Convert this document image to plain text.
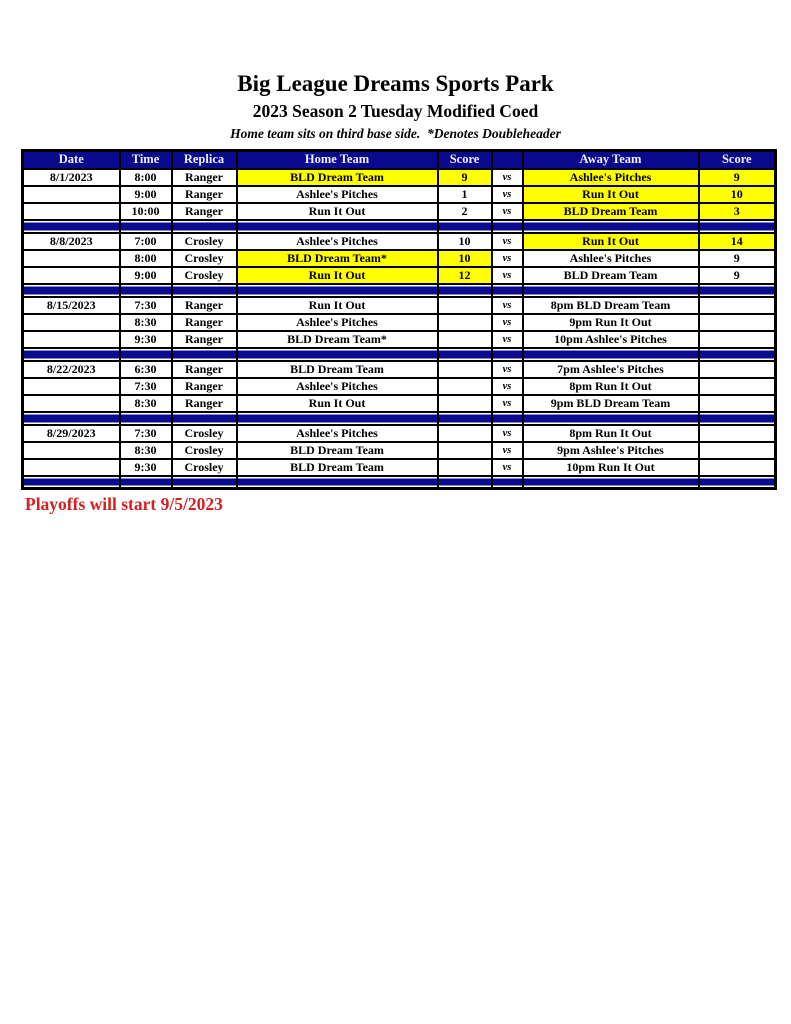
Big League Dreams Sports Park
2023 Season 2 Tuesday Modified Coed
Home team sits on third base side.  *Denotes Doubleheader
Date	Time	Replica	Home Team	Score		Away Team	Score
8/1/2023	8:00	Ranger	BLD Dream Team	9	vs	Ashlee's Pitches	9
	9:00	Ranger	Ashlee's Pitches	1	vs	Run It Out	10
	10:00	Ranger	Run It Out	2	vs	BLD Dream Team	3

8/8/2023	7:00	Crosley	Ashlee's Pitches	10	vs	Run It Out	14
	8:00	Crosley	BLD Dream Team*	10	vs	Ashlee's Pitches	9
	9:00	Crosley	Run It Out	12	vs	BLD Dream Team	9

8/15/2023	7:30	Ranger	Run It Out		vs	8pm BLD Dream Team	
	8:30	Ranger	Ashlee's Pitches		vs	9pm Run It Out	
	9:30	Ranger	BLD Dream Team*		vs	10pm Ashlee's Pitches	

8/22/2023	6:30	Ranger	BLD Dream Team		vs	7pm Ashlee's Pitches	
	7:30	Ranger	Ashlee's Pitches		vs	8pm Run It Out	
	8:30	Ranger	Run It Out		vs	9pm BLD Dream Team	

8/29/2023	7:30	Crosley	Ashlee's Pitches		vs	8pm Run It Out	
	8:30	Crosley	BLD Dream Team		vs	9pm Ashlee's Pitches	
	9:30	Crosley	BLD Dream Team		vs	10pm Run It Out	

Playoffs will start 9/5/2023
